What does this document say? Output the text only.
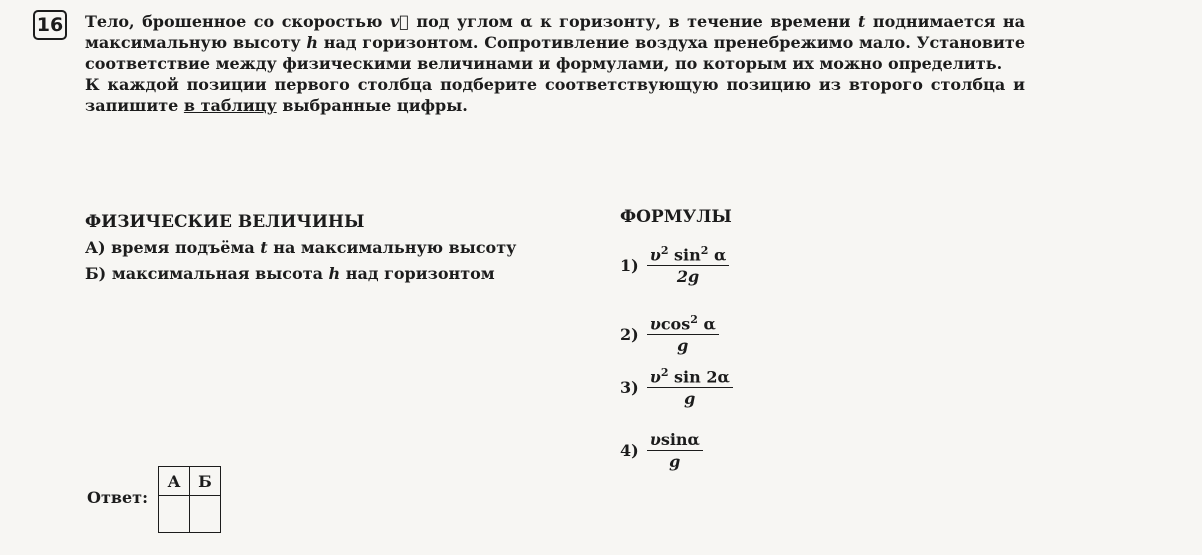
16 Тело, брошенное со скоростью v⃗ под углом α к горизонту, в течение времени t поднимается на максимальную высоту h над горизонтом. Сопротивление воздуха пренебрежимо мало. Установите соответствие между физическими величинами и формулами, по которым их можно определить.

К каждой позиции первого столбца подберите соответствующую позицию из второго столбца и запишите в таблицу выбранные цифры.

ФИЗИЧЕСКИЕ ВЕЛИЧИНЫ
А) время подъёма t на максимальную высоту
Б) максимальная высота h над горизонтом
ФОРМУЛЫ
$1) \frac{\upsilon^2 \sin^2 \alpha}{2g}$
$2) \frac{\upsilon\cos^2 \alpha}{g}$
$3) \frac{\upsilon^2 \sin 2\alpha}{g}$
$4) \frac{\upsilon\sin\alpha}{g}$
Ответ:
А	Б
